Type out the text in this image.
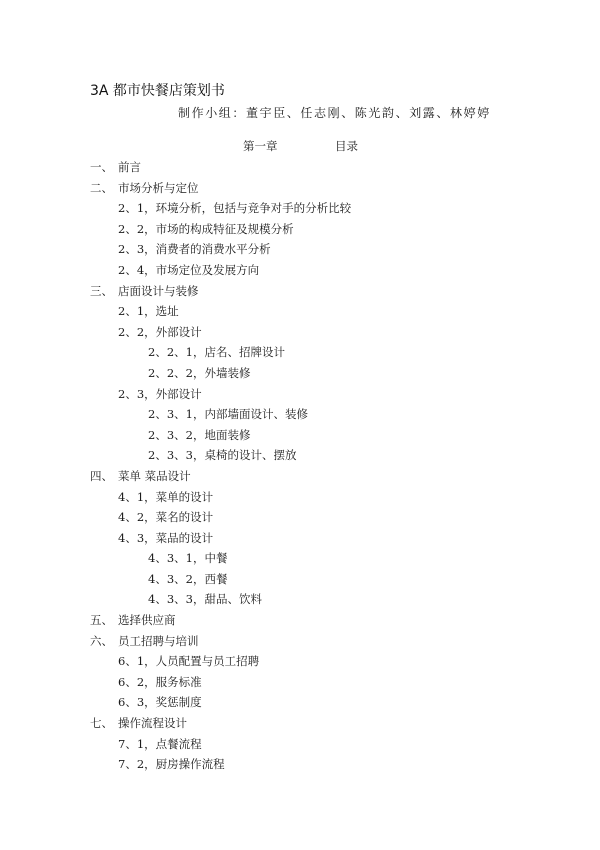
3A 都市快餐店策划书
制作小组：董宇臣、任志刚、陈光韵、刘露、林婷婷
第一章	目录
一、 前言
二、 市场分析与定位
2、1，环境分析，包括与竞争对手的分析比较
2、2，市场的构成特征及规模分析
2、3，消费者的消费水平分析
2、4，市场定位及发展方向
三、 店面设计与装修
2、1，选址
2、2，外部设计
2、2、1，店名、招牌设计
2、2、2，外墙装修
2、3，外部设计
2、3、1，内部墙面设计、装修
2、3、2，地面装修
2、3、3，桌椅的设计、摆放
四、 菜单 菜品设计
4、1，菜单的设计
4、2，菜名的设计
4、3，菜品的设计
4、3、1，中餐
4、3、2，西餐
4、3、3，甜品、饮料
五、 选择供应商
六、 员工招聘与培训
6、1，人员配置与员工招聘
6、2，服务标准
6、3，奖惩制度
七、 操作流程设计
7、1，点餐流程
7、2，厨房操作流程
